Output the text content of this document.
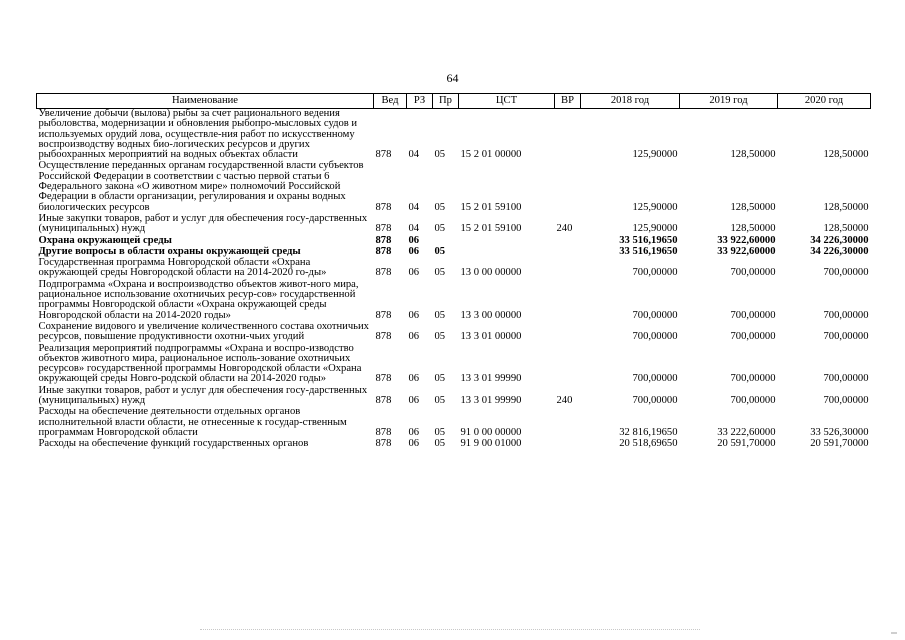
64
Наименование	Вед	РЗ	Пр	ЦСТ	ВР	2018 год	2019 год	2020 год
Увеличение добычи (вылова) рыбы за счет рационального ведения рыболовства, модернизации и обновления рыбопро-мысловых судов и используемых орудий лова, осуществле-ния работ по искусственному воспроизводству водных био-логических ресурсов и других рыбоохранных мероприятий на водных объектах области	878	04	05	15 2 01 00000		125,90000	128,50000	128,50000
Осуществление переданных органам государственной власти субъектов Российской Федерации в соответствии с частью первой статьи 6 Федерального закона «О животном мире» полномочий Российской Федерации в области организации, регулирования и охраны водных биологических ресурсов	878	04	05	15 2 01 59100		125,90000	128,50000	128,50000
Иные закупки товаров, работ и услуг для обеспечения госу-дарственных (муниципальных) нужд	878	04	05	15 2 01 59100	240	125,90000	128,50000	128,50000
Охрана окружающей среды	878	06				33 516,19650	33 922,60000	34 226,30000
Другие вопросы в области охраны окружающей среды	878	06	05			33 516,19650	33 922,60000	34 226,30000
Государственная программа Новгородской области «Охрана окружающей среды Новгородской области на 2014-2020 го-ды»	878	06	05	13 0 00 00000		700,00000	700,00000	700,00000
Подпрограмма «Охрана и воспроизводство объектов живот-ного мира, рациональное использование охотничьих ресур-сов» государственной программы Новгородской области «Охрана окружающей среды Новгородской области на 2014-2020 годы»	878	06	05	13 3 00 00000		700,00000	700,00000	700,00000
Сохранение видового и увеличение количественного состава охотничьих ресурсов, повышение продуктивности охотни-чьих угодий	878	06	05	13 3 01 00000		700,00000	700,00000	700,00000
Реализация мероприятий подпрограммы «Охрана и воспро-изводство объектов животного мира, рациональное исполь-зование охотничьих ресурсов» государственной программы Новгородской области «Охрана окружающей среды Новго-родской области на 2014-2020 годы»	878	06	05	13 3 01 99990		700,00000	700,00000	700,00000
Иные закупки товаров, работ и услуг для обеспечения госу-дарственных (муниципальных) нужд	878	06	05	13 3 01 99990	240	700,00000	700,00000	700,00000
Расходы на обеспечение деятельности отдельных органов исполнительной власти области, не отнесенные к государ-ственным программам Новгородской области	878	06	05	91 0 00 00000		32 816,19650	33 222,60000	33 526,30000
Расходы на обеспечение функций государственных органов	878	06	05	91 9 00 01000		20 518,69650	20 591,70000	20 591,70000
